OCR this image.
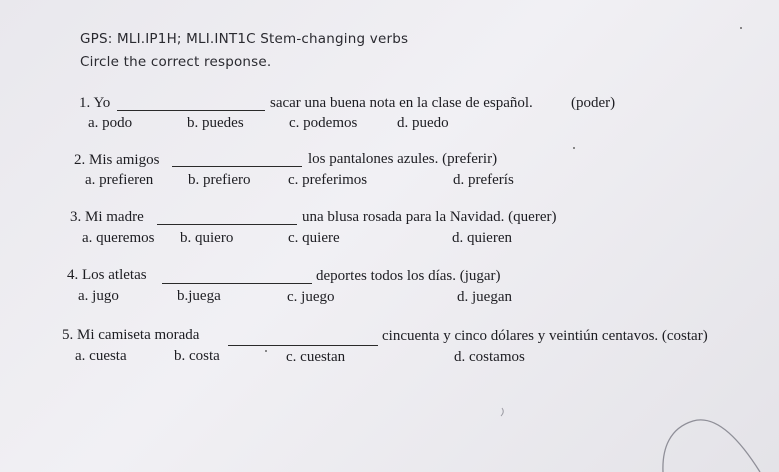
GPS: MLI.IP1H; MLI.INT1C Stem-changing verbs
Circle the correct response.
1. Yo	sacar una buena nota en la clase de español.	(poder)
a. podo	b. puedes	c. podemos	d. puedo
2. Mis amigos	los pantalones azules. (preferir)
a. prefieren b. prefiero	c. preferimos	d. preferís
3. Mi madre	una blusa rosada para la Navidad. (querer)
a. queremos b. quiero	c. quiere	d. quieren
4. Los atletas	deportes todos los días. (jugar)
a. jugo	b.juega	c. juego	d. juegan
5. Mi camiseta morada	cincuenta y cinco dólares y veintiún centavos. (costar)
a. cuesta	b. costa	c. cuestan	d. costamos
